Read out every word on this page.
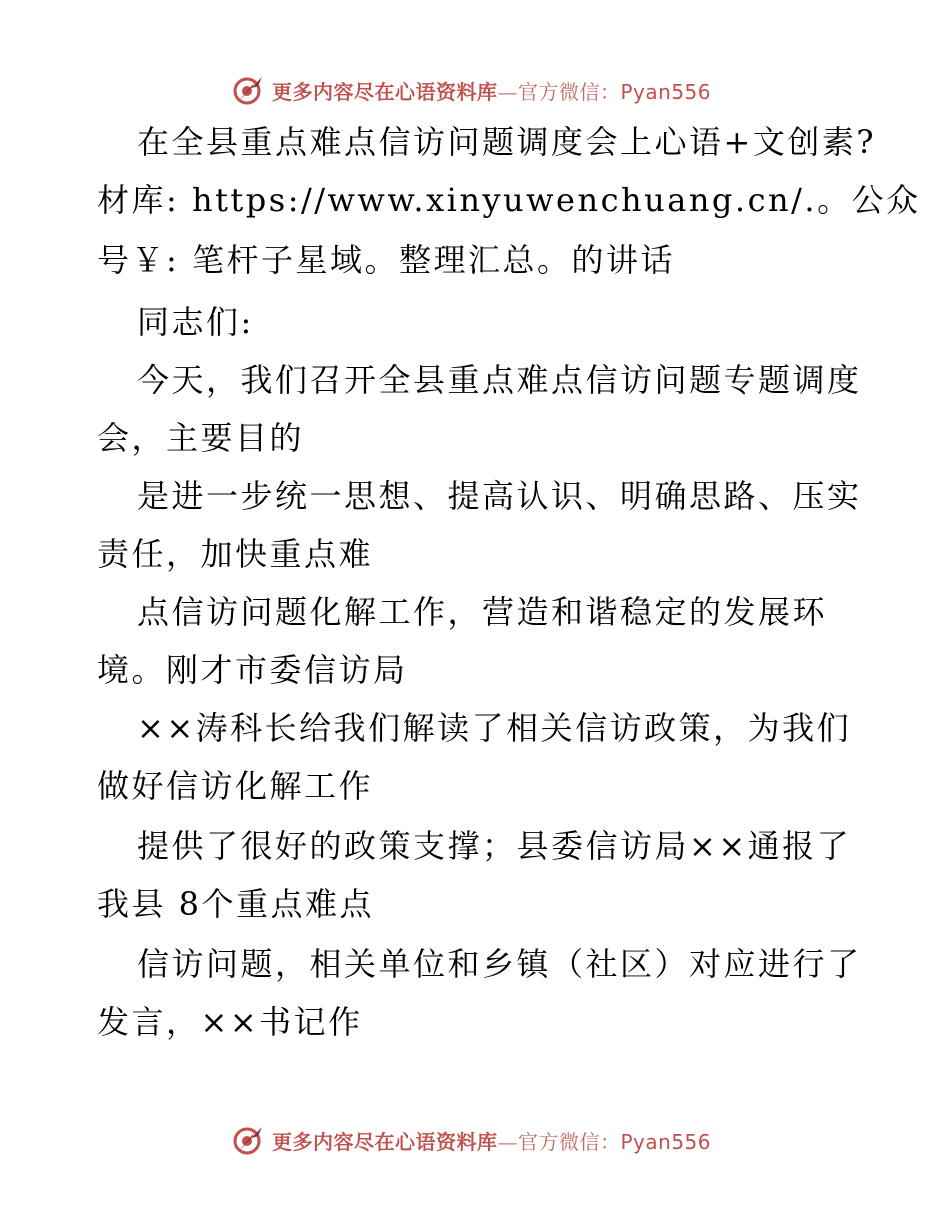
更多内容尽在心语资料库—官方微信：Pyan556
在全县重点难点信访问题调度会上心语+文创素?
材库: https://www.xinyuwenchuang.cn/.。公众
号￥: 笔杆子星域。整理汇总。的讲话
同志们:
今天，我们召开全县重点难点信访问题专题调度
会，主要目的
是进一步统一思想、提高认识、明确思路、压实
责任，加快重点难
点信访问题化解工作，营造和谐稳定的发展环
境。刚才市委信访局
××涛科长给我们解读了相关信访政策，为我们
做好信访化解工作
提供了很好的政策支撑；县委信访局××通报了
我县 8个重点难点
信访问题，相关单位和乡镇（社区）对应进行了
发言，××书记作
更多内容尽在心语资料库—官方微信：Pyan556
